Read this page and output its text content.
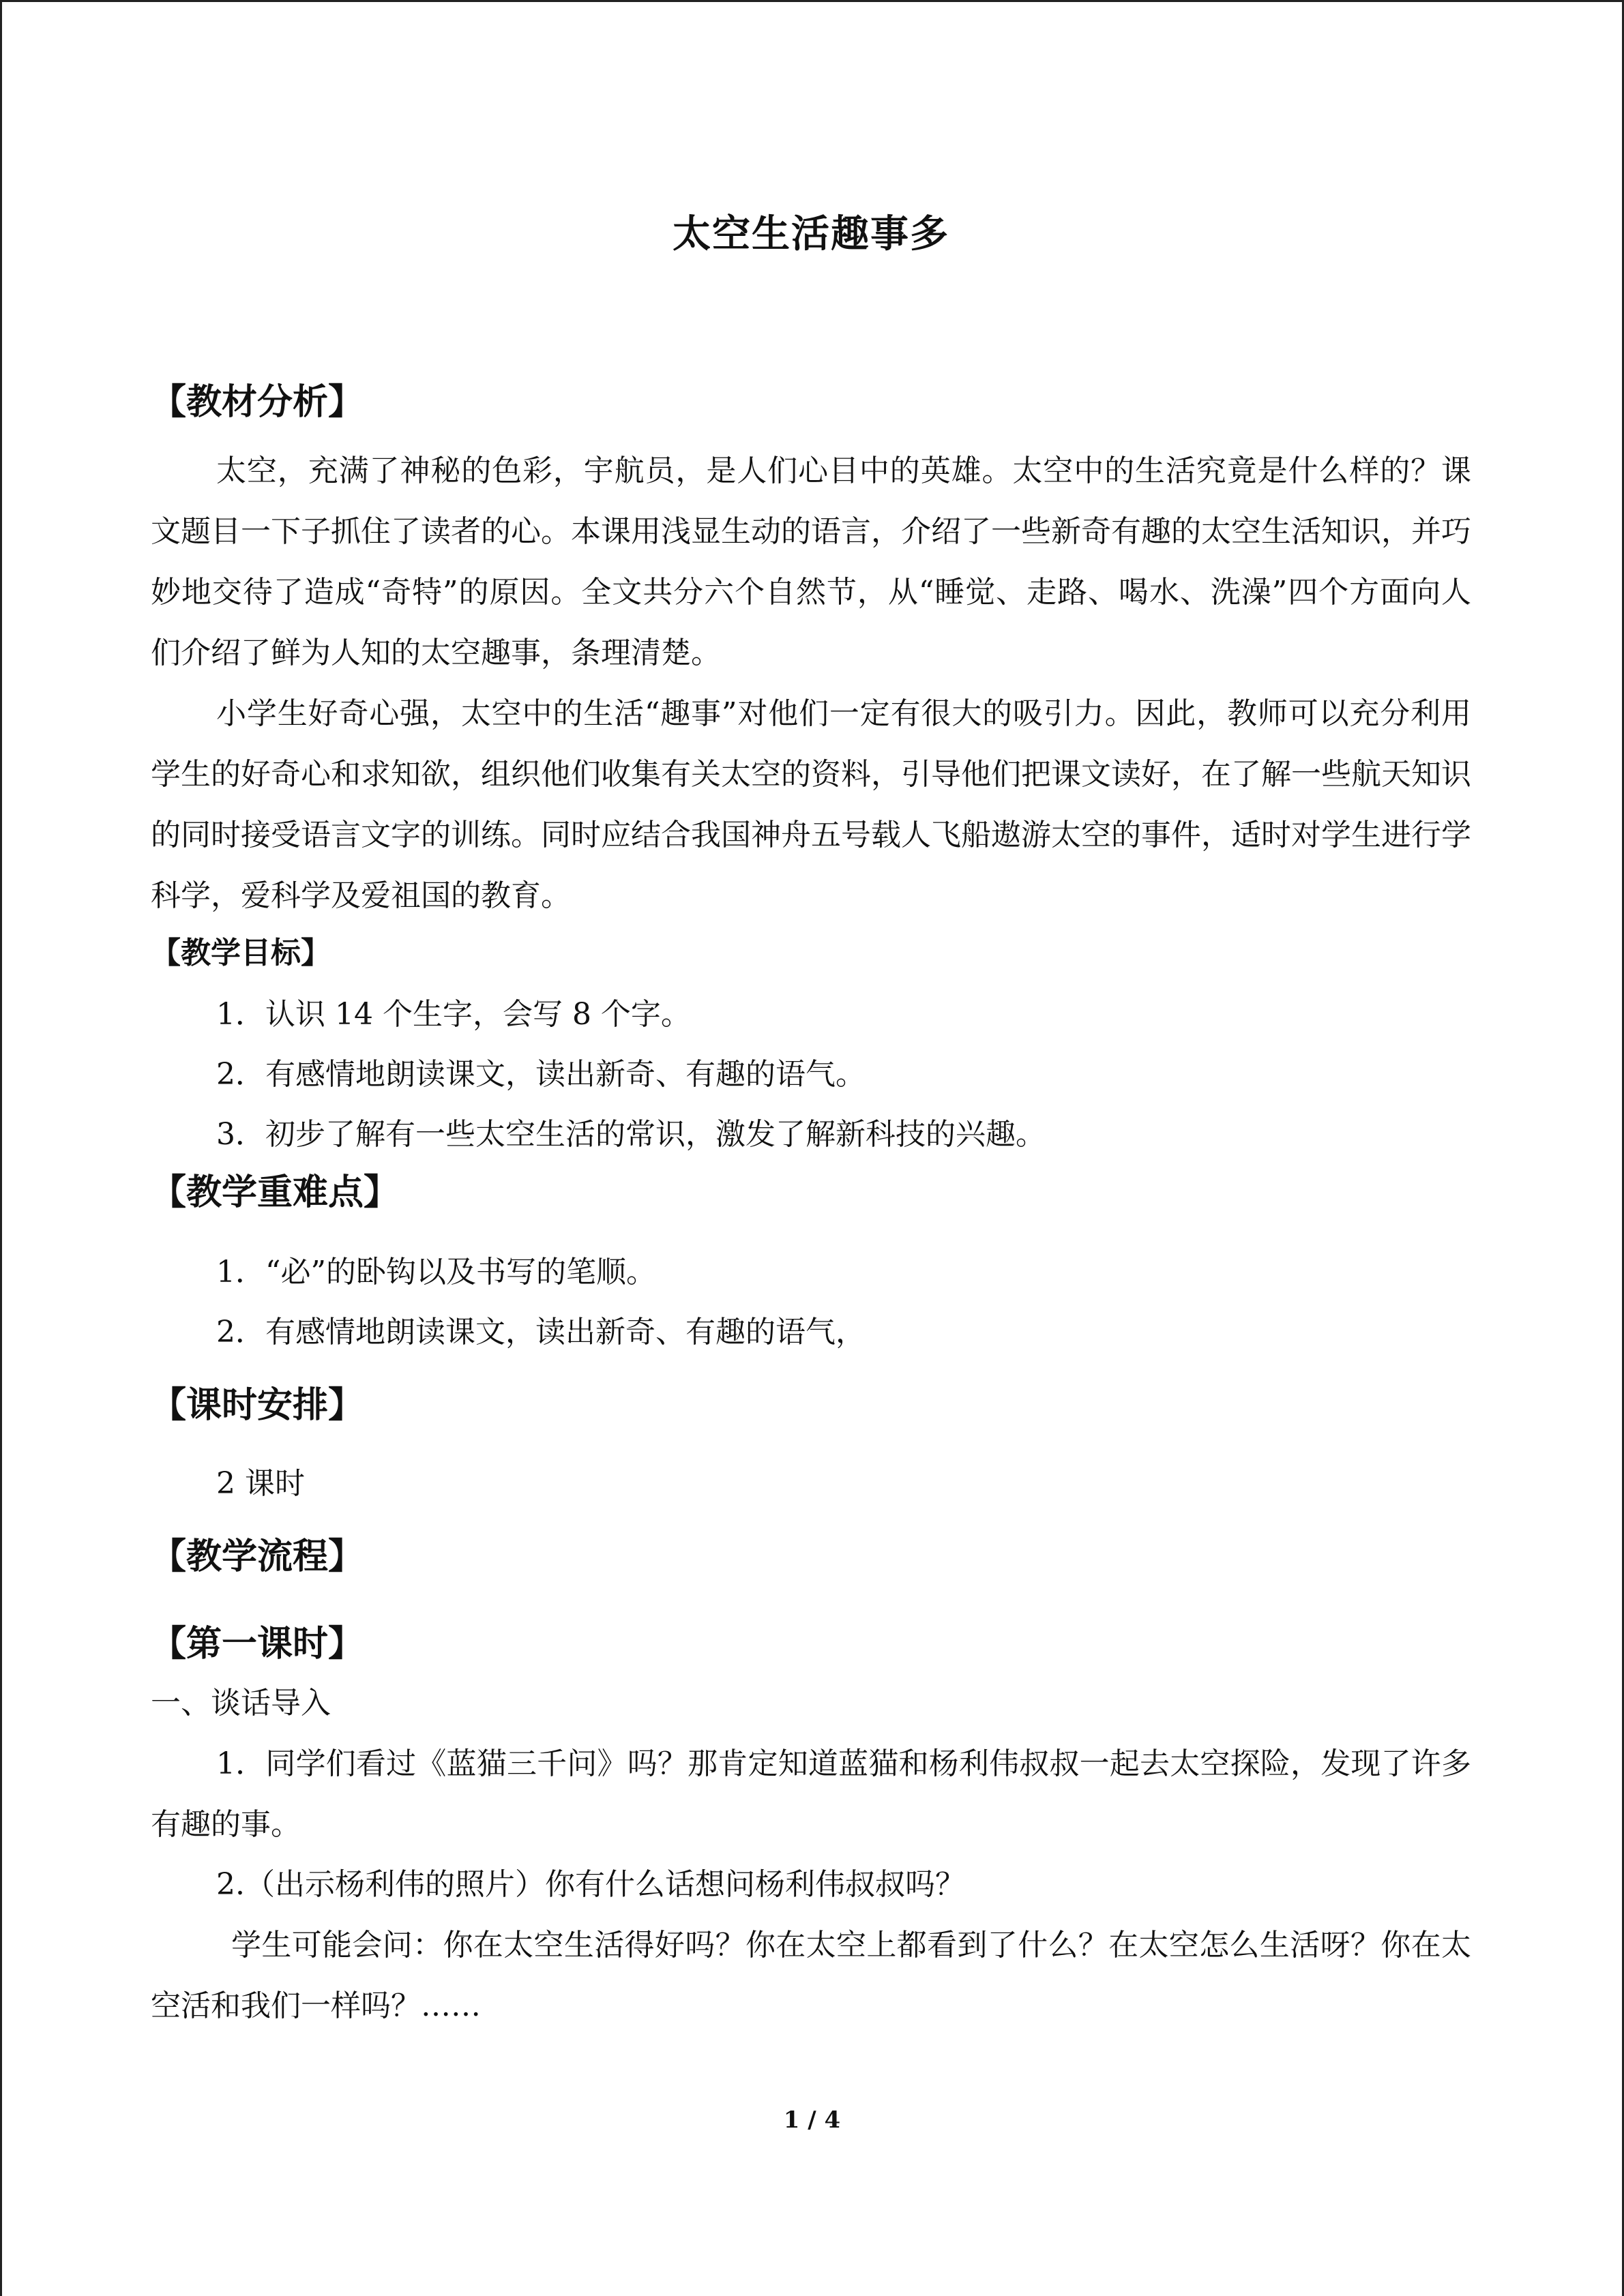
太空生活趣事多
【教材分析】

太空，充满了神秘的色彩，宇航员，是人们心目中的英雄。太空中的生活究竟是什么样的？课文题目一下子抓住了读者的心。本课用浅显生动的语言，介绍了一些新奇有趣的太空生活知识，并巧妙地交待了造成“奇特”的原因。全文共分六个自然节，从“睡觉、走路、喝水、洗澡”四个方面向人们介绍了鲜为人知的太空趣事，条理清楚。

小学生好奇心强，太空中的生活“趣事”对他们一定有很大的吸引力。因此，教师可以充分利用学生的好奇心和求知欲，组织他们收集有关太空的资料，引导他们把课文读好，在了解一些航天知识的同时接受语言文字的训练。同时应结合我国神舟五号载人飞船遨游太空的事件，适时对学生进行学科学，爱科学及爱祖国的教育。

【教学目标】

1．认识 14 个生字，会写 8 个字。

2．有感情地朗读课文，读出新奇、有趣的语气。

3．初步了解有一些太空生活的常识，激发了解新科技的兴趣。

【教学重难点】

1．“必”的卧钩以及书写的笔顺。

2．有感情地朗读课文，读出新奇、有趣的语气，

【课时安排】

2 课时

【教学流程】
【第一课时】

一、谈话导入

1．同学们看过《蓝猫三千问》吗？那肯定知道蓝猫和杨利伟叔叔一起去太空探险，发现了许多有趣的事。

2.（出示杨利伟的照片）你有什么话想问杨利伟叔叔吗？

学生可能会问：你在太空生活得好吗？你在太空上都看到了什么？在太空怎么生活呀？你在太空活和我们一样吗？……

1 / 4
